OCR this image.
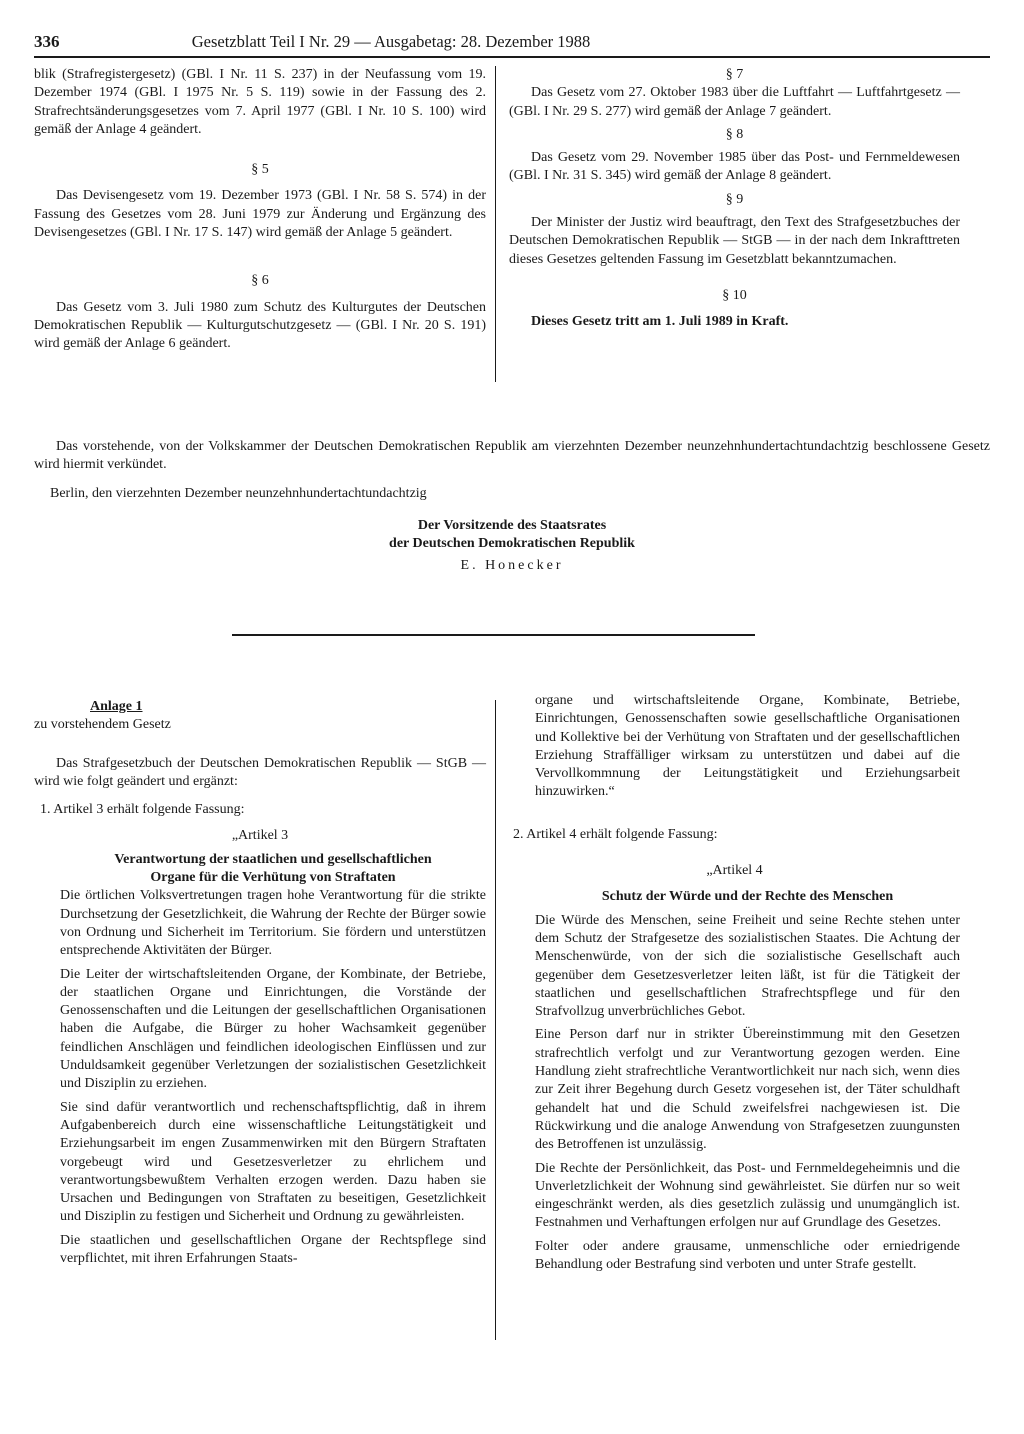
336	Gesetzblatt Teil I Nr. 29 — Ausgabetag: 28. Dezember 1988

blik (Strafregistergesetz) (GBl. I Nr. 11 S. 237) in der Neufassung vom 19. Dezember 1974 (GBl. I 1975 Nr. 5 S. 119) sowie in der Fassung des 2. Strafrechtsänderungsgesetzes vom 7. April 1977 (GBl. I Nr. 10 S. 100) wird gemäß der Anlage 4 geändert.

§ 5

Das Devisengesetz vom 19. Dezember 1973 (GBl. I Nr. 58 S. 574) in der Fassung des Gesetzes vom 28. Juni 1979 zur Änderung und Ergänzung des Devisengesetzes (GBl. I Nr. 17 S. 147) wird gemäß der Anlage 5 geändert.

§ 6

Das Gesetz vom 3. Juli 1980 zum Schutz des Kulturgutes der Deutschen Demokratischen Republik — Kulturgutschutzgesetz — (GBl. I Nr. 20 S. 191) wird gemäß der Anlage 6 geändert.

§ 7

Das Gesetz vom 27. Oktober 1983 über die Luftfahrt — Luftfahrtgesetz — (GBl. I Nr. 29 S. 277) wird gemäß der Anlage 7 geändert.

§ 8

Das Gesetz vom 29. November 1985 über das Post- und Fernmeldewesen (GBl. I Nr. 31 S. 345) wird gemäß der Anlage 8 geändert.

§ 9

Der Minister der Justiz wird beauftragt, den Text des Strafgesetzbuches der Deutschen Demokratischen Republik — StGB — in der nach dem Inkrafttreten dieses Gesetzes geltenden Fassung im Gesetzblatt bekanntzumachen.

§ 10

Dieses Gesetz tritt am 1. Juli 1989 in Kraft.

Das vorstehende, von der Volkskammer der Deutschen Demokratischen Republik am vierzehnten Dezember neunzehnhundertachtundachtzig beschlossene Gesetz wird hiermit verkündet.
Berlin, den vierzehnten Dezember neunzehnhundertachtundachtzig
Der Vorsitzende des Staatsrates
der Deutschen Demokratischen Republik
E. Honecker

Anlage 1

zu vorstehendem Gesetz

Das Strafgesetzbuch der Deutschen Demokratischen Republik — StGB — wird wie folgt geändert und ergänzt:

1. Artikel 3 erhält folgende Fassung:

„Artikel 3

Verantwortung der staatlichen und gesellschaftlichen

Organe für die Verhütung von Straftaten

Die örtlichen Volksvertretungen tragen hohe Verantwortung für die strikte Durchsetzung der Gesetzlichkeit, die Wahrung der Rechte der Bürger sowie von Ordnung und Sicherheit im Territorium. Sie fördern und unterstützen entsprechende Aktivitäten der Bürger.

Die Leiter der wirtschaftsleitenden Organe, der Kombinate, der Betriebe, der staatlichen Organe und Einrichtungen, die Vorstände der Genossenschaften und die Leitungen der gesellschaftlichen Organisationen haben die Aufgabe, die Bürger zu hoher Wachsamkeit gegenüber feindlichen Anschlägen und feindlichen ideologischen Einflüssen und zur Unduldsamkeit gegenüber Verletzungen der sozialistischen Gesetzlichkeit und Disziplin zu erziehen.

Sie sind dafür verantwortlich und rechenschaftspflichtig, daß in ihrem Aufgabenbereich durch eine wissenschaftliche Leitungstätigkeit und Erziehungsarbeit im engen Zusammenwirken mit den Bürgern Straftaten vorgebeugt wird und Gesetzesverletzer zu ehrlichem und verantwortungsbewußtem Verhalten erzogen werden. Dazu haben sie Ursachen und Bedingungen von Straftaten zu beseitigen, Gesetzlichkeit und Disziplin zu festigen und Sicherheit und Ordnung zu gewährleisten.

Die staatlichen und gesellschaftlichen Organe der Rechtspflege sind verpflichtet, mit ihren Erfahrungen Staats-

organe und wirtschaftsleitende Organe, Kombinate, Betriebe, Einrichtungen, Genossenschaften sowie gesellschaftliche Organisationen und Kollektive bei der Verhütung von Straftaten und der gesellschaftlichen Erziehung Straffälliger wirksam zu unterstützen und dabei auf die Vervollkommnung der Leitungstätigkeit und Erziehungsarbeit hinzuwirken.“

2. Artikel 4 erhält folgende Fassung:

„Artikel 4

Schutz der Würde und der Rechte des Menschen

Die Würde des Menschen, seine Freiheit und seine Rechte stehen unter dem Schutz der Strafgesetze des sozialistischen Staates. Die Achtung der Menschenwürde, von der sich die sozialistische Gesellschaft auch gegenüber dem Gesetzesverletzer leiten läßt, ist für die Tätigkeit der staatlichen und gesellschaftlichen Strafrechtspflege und für den Strafvollzug unverbrüchliches Gebot.

Eine Person darf nur in strikter Übereinstimmung mit den Gesetzen strafrechtlich verfolgt und zur Verantwortung gezogen werden. Eine Handlung zieht strafrechtliche Verantwortlichkeit nur nach sich, wenn dies zur Zeit ihrer Begehung durch Gesetz vorgesehen ist, der Täter schuldhaft gehandelt hat und die Schuld zweifelsfrei nachgewiesen ist. Die Rückwirkung und die analoge Anwendung von Strafgesetzen zuungunsten des Betroffenen ist unzulässig.

Die Rechte der Persönlichkeit, das Post- und Fernmeldegeheimnis und die Unverletzlichkeit der Wohnung sind gewährleistet. Sie dürfen nur so weit eingeschränkt werden, als dies gesetzlich zulässig und unumgänglich ist. Festnahmen und Verhaftungen erfolgen nur auf Grundlage des Gesetzes.

Folter oder andere grausame, unmenschliche oder erniedrigende Behandlung oder Bestrafung sind verboten und unter Strafe gestellt.
